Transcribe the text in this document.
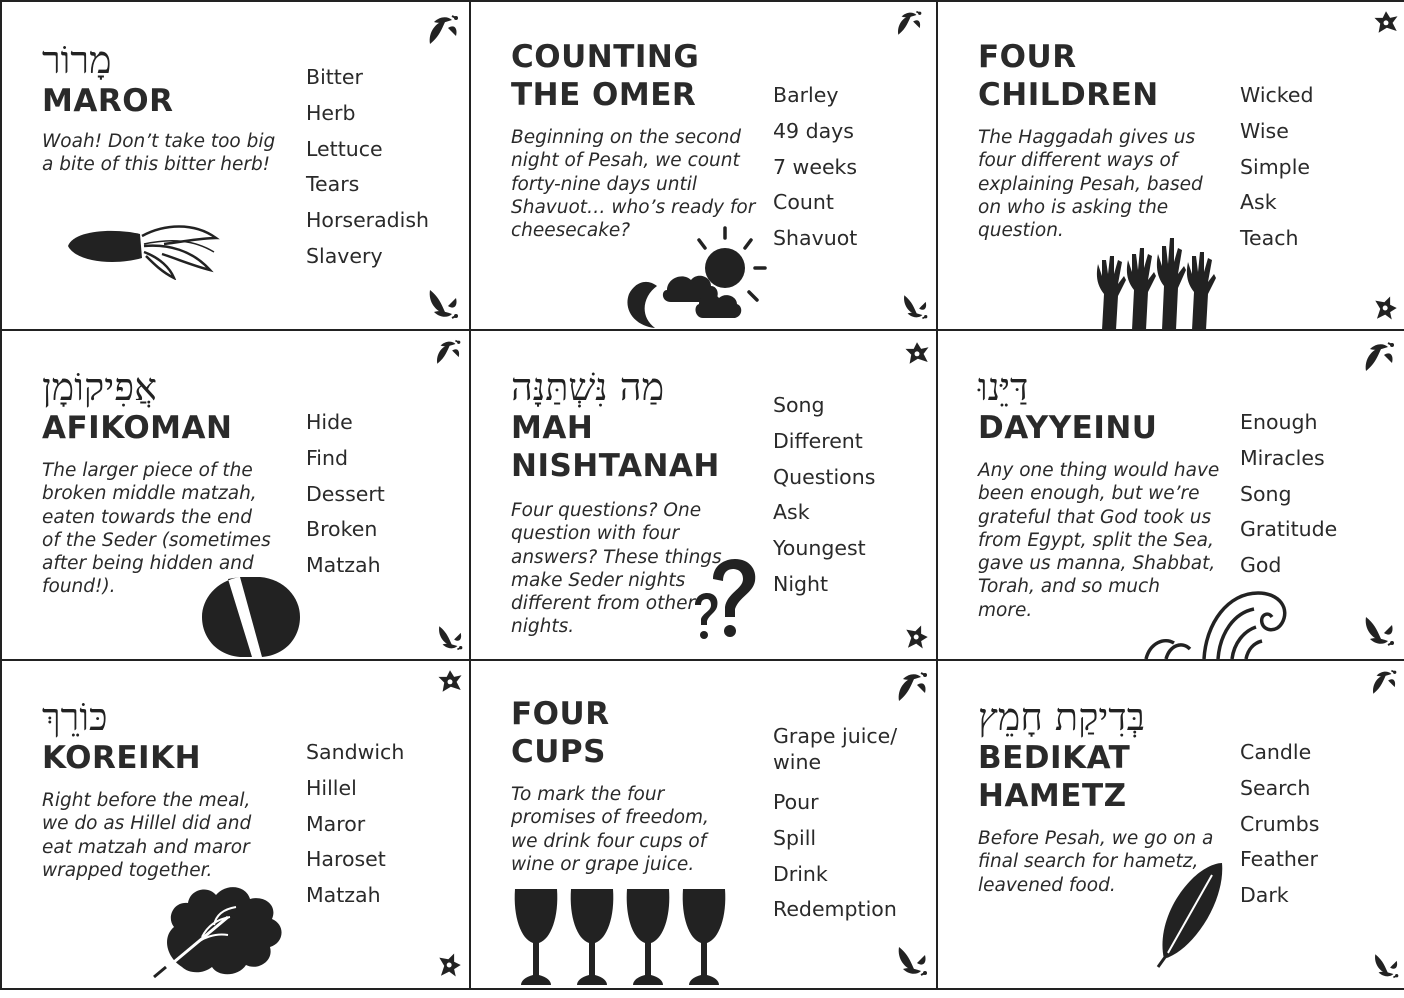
מָרוֹר
MAROR
Woah! Don’t take too big
a bite of this bitter herb!
Bitter
Herb
Lettuce
Tears
Horseradish
Slavery
COUNTING
THE OMER
Beginning on the second
night of Pesah, we count
forty-nine days until
Shavuot… who’s ready for
cheesecake?
Barley
49 days
7 weeks
Count
Shavuot
FOUR
CHILDREN
The Haggadah gives us
four different ways of
explaining Pesah, based
on who is asking the
question.
Wicked
Wise
Simple
Ask
Teach
אֲפִיקוֹמָן
AFIKOMAN
The larger piece of the
broken middle matzah,
eaten towards the end
of the Seder (sometimes
after being hidden and
found!).
Hide
Find
Dessert
Broken
Matzah
מַה נִּשְׁתַּנָּה
MAH
NISHTANAH
Four questions? One
question with four
answers? These things
make Seder nights
different from other
nights.
Song
Different
Questions
Ask
Youngest
Night
דַּיֵּנוּ
DAYYEINU
Any one thing would have
been enough, but we’re
grateful that God took us
from Egypt, split the Sea,
gave us manna, Shabbat,
Torah, and so much
more.
Enough
Miracles
Song
Gratitude
God
כּוֹרֵךְ
KOREIKH
Right before the meal,
we do as Hillel did and
eat matzah and maror
wrapped together.
Sandwich
Hillel
Maror
Haroset
Matzah
FOUR
CUPS
To mark the four
promises of freedom,
we drink four cups of
wine or grape juice.
Grape juice/
wine
Pour
Spill
Drink
Redemption
בְּדִיקַת חָמֵץ
BEDIKAT
HAMETZ
Before Pesah, we go on a
final search for hametz,
leavened food.
Candle
Search
Crumbs
Feather
Dark
